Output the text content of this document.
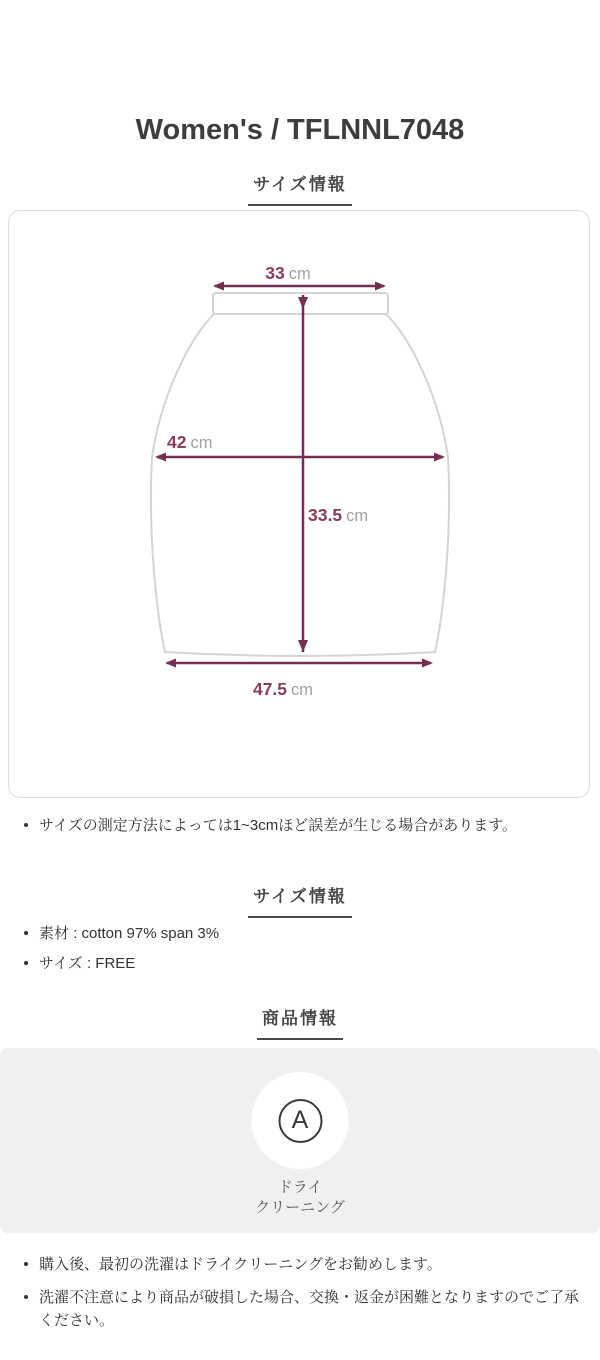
Women's / TFLNNL7048
サイズ情報
33 cm
42 cm
33.5 cm
47.5 cm
サイズの測定方法によっては1~3cmほど誤差が生じる場合があります。
サイズ情報
素材 : cotton 97% span 3%
サイズ : FREE
商品情報
A
ドライ
クリーニング
購入後、最初の洗濯はドライクリーニングをお勧めします。
洗濯不注意により商品が破損した場合、交換・返金が困難となりますのでご了承ください。
